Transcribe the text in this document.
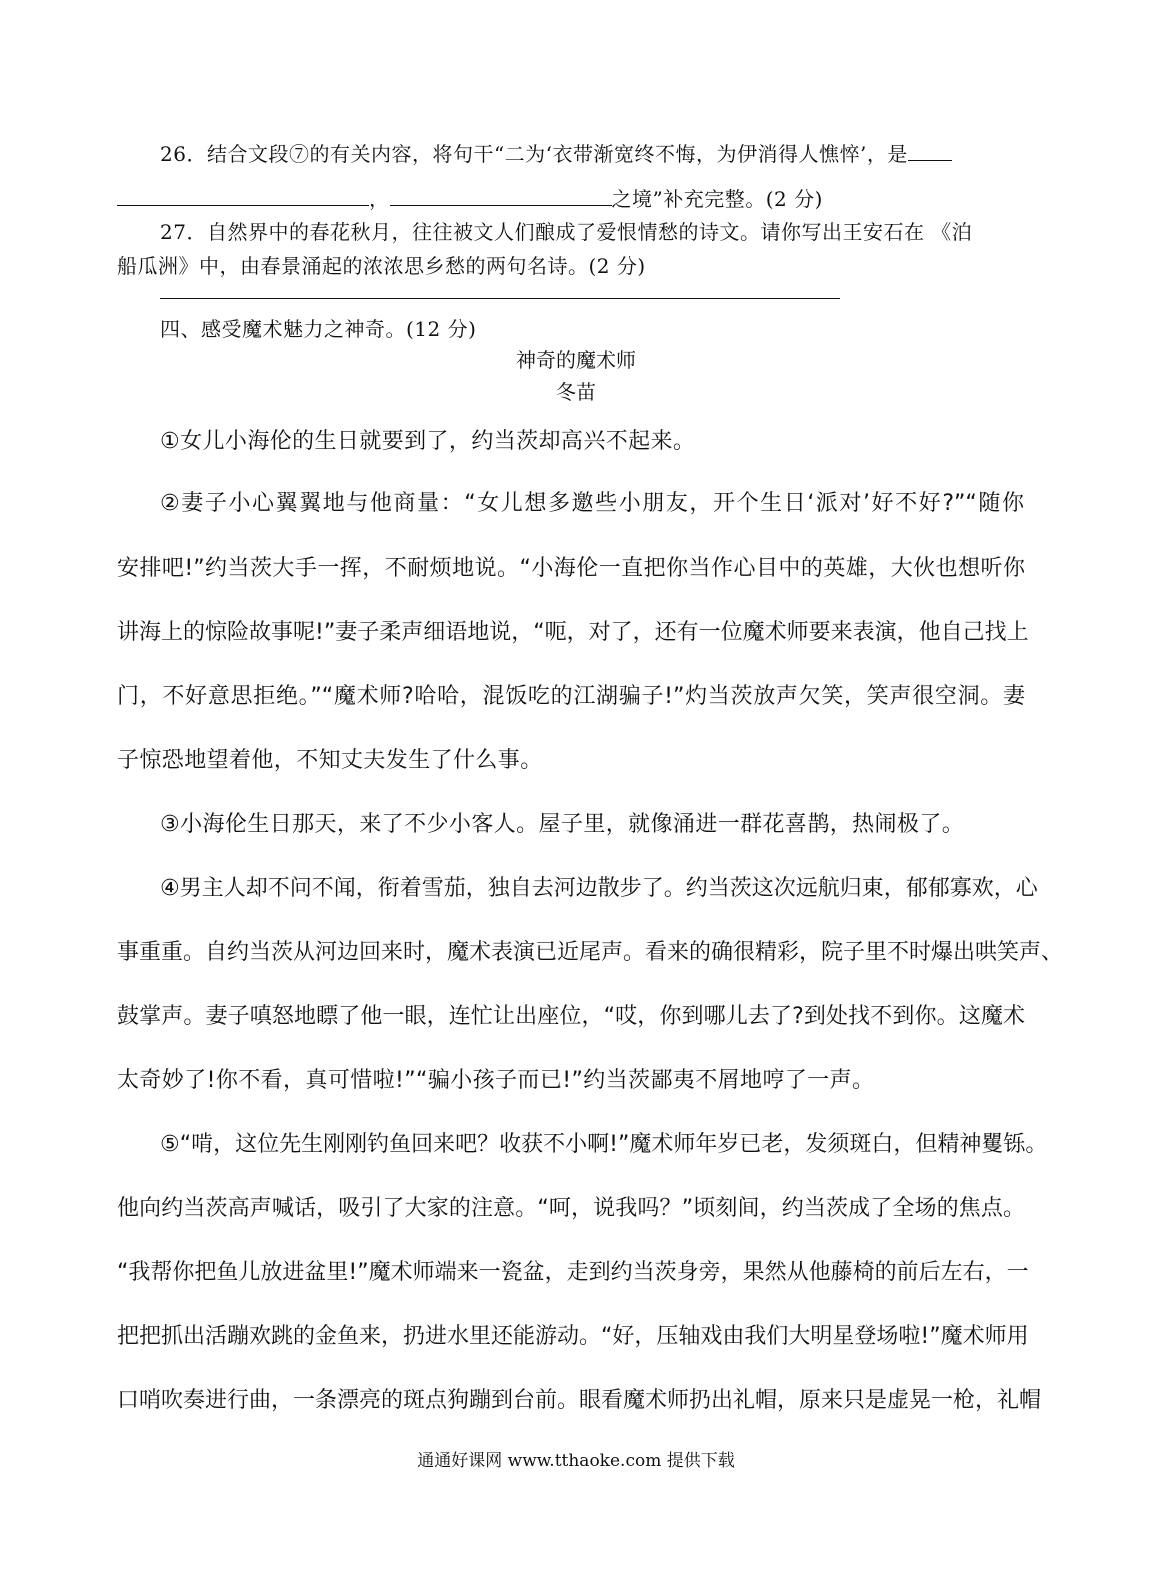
26．结合文段⑦的有关内容，将句干“二为‘衣带渐宽终不悔，为伊消得人憔悴’，是
，	之境”补充完整。(2 分)
27．自然界中的春花秋月，往往被文人们酿成了爱恨情愁的诗文。请你写出王安石在 《泊
船瓜洲》中，由春景涌起的浓浓思乡愁的两句名诗。(2 分)
四、感受魔术魅力之神奇。(12 分)
神奇的魔术师
冬苗
①女儿小海伦的生日就要到了，约当茨却高兴不起来。
②妻子小心翼翼地与他商量：“女儿想多邀些小朋友，开个生日‘派对’好不好?”“随你
安排吧!”约当茨大手一挥，不耐烦地说。“小海伦一直把你当作心目中的英雄，大伙也想听你
讲海上的惊险故事呢!”妻子柔声细语地说，“呃，对了，还有一位魔术师要来表演，他自己找上
门，不好意思拒绝。”“魔术师?哈哈，混饭吃的江湖骗子!”灼当茨放声欠笑，笑声很空洞。妻
子惊恐地望着他，不知丈夫发生了什么事。
③小海伦生日那天，来了不少小客人。屋子里，就像涌进一群花喜鹊，热闹极了。
④男主人却不问不闻，衔着雪茄，独自去河边散步了。约当茨这次远航归東，郁郁寡欢，心
事重重。自约当茨从河边回来时，魔术表演已近尾声。看来的确很精彩，院子里不时爆出哄笑声、
鼓掌声。妻子嗔怒地瞟了他一眼，连忙让出座位，“哎，你到哪儿去了?到处找不到你。这魔术
太奇妙了!你不看，真可惜啦!”“骗小孩子而已!”约当茨鄙夷不屑地哼了一声。
⑤“啃，这位先生刚刚钓鱼回来吧？收获不小啊!”魔术师年岁已老，发须斑白，但精神矍铄。
他向约当茨高声喊话，吸引了大家的注意。“呵，说我吗？”顷刻间，约当茨成了全场的焦点。
“我帮你把鱼儿放进盆里!”魔术师端来一瓷盆，走到约当茨身旁，果然从他藤椅的前后左右，一
把把抓出活蹦欢跳的金鱼来，扔进水里还能游动。“好，压轴戏由我们大明星登场啦!”魔术师用
口哨吹奏进行曲，一条漂亮的斑点狗蹦到台前。眼看魔术师扔出礼帽，原来只是虚晃一枪，礼帽
通通好课网 www.tthaoke.com 提供下载
